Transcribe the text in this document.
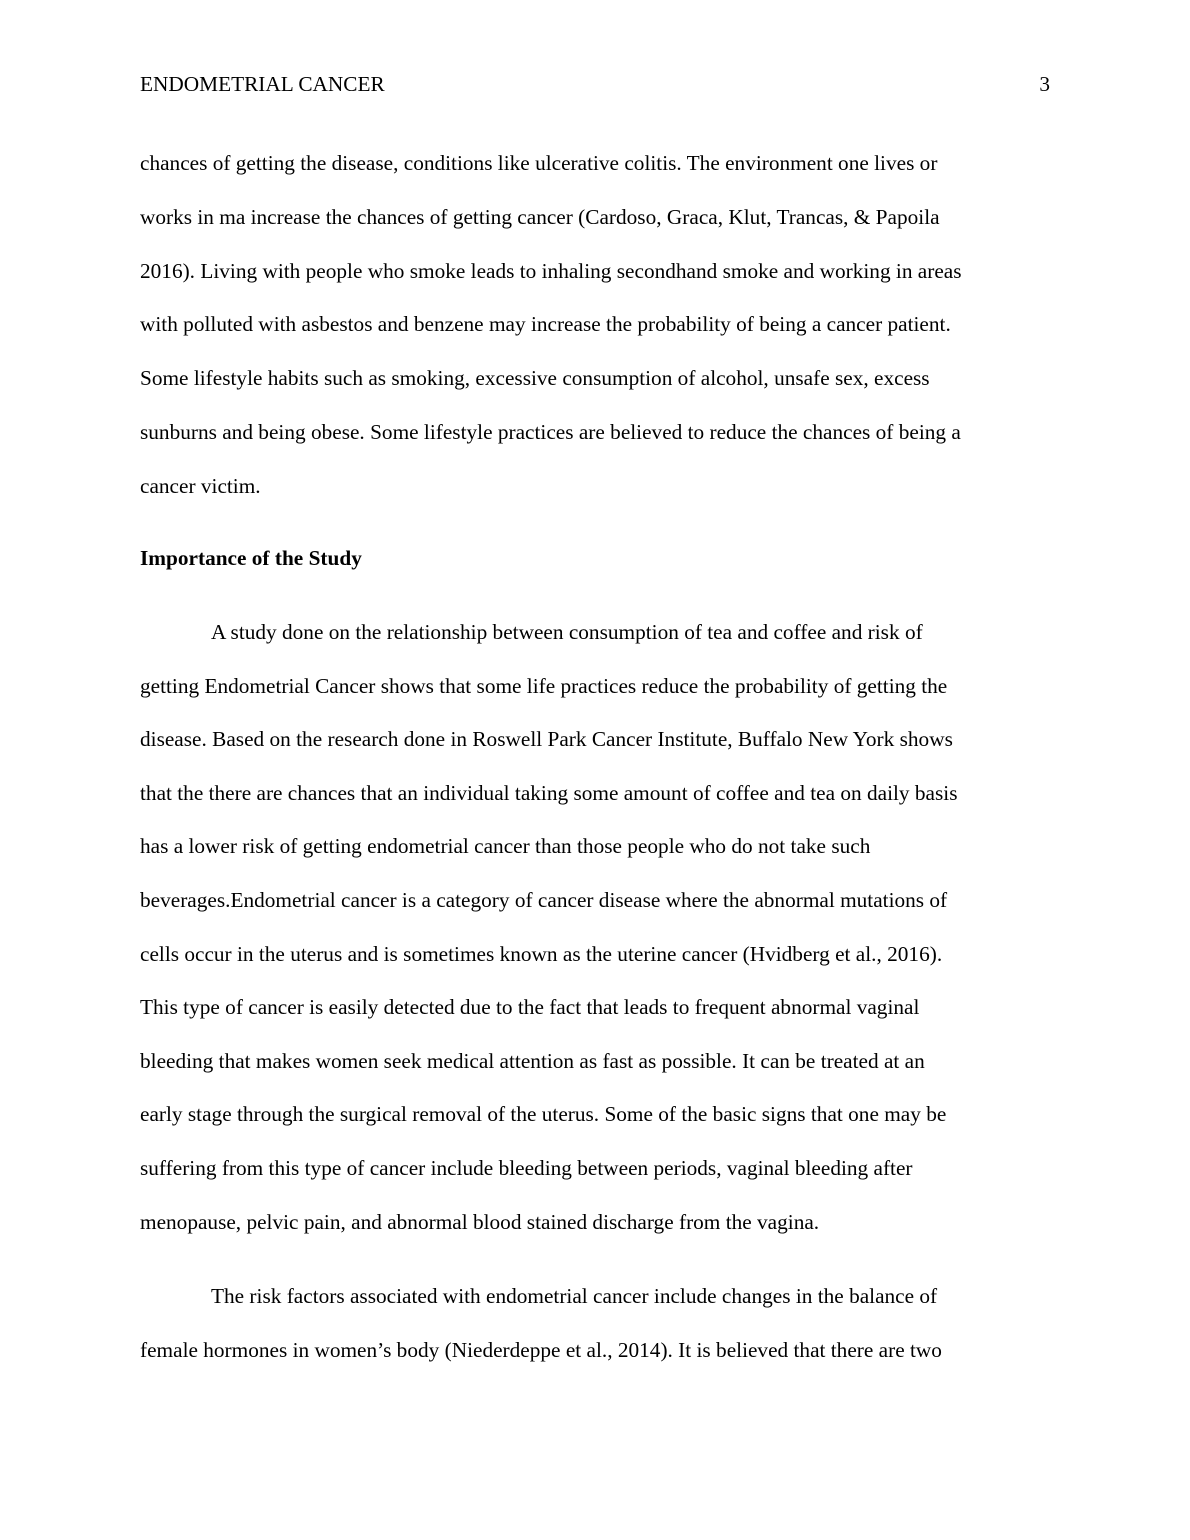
ENDOMETRIAL CANCER	3
chances of getting the disease, conditions like ulcerative colitis. The environment one lives or
works in ma increase the chances of getting cancer (Cardoso, Graca, Klut, Trancas, & Papoila
2016). Living with people who smoke leads to inhaling secondhand smoke and working in areas
with polluted with asbestos and benzene may increase the probability of being a cancer patient.
Some lifestyle habits such as smoking, excessive consumption of alcohol, unsafe sex, excess
sunburns and being obese. Some lifestyle practices are believed to reduce the chances of being a
cancer victim.
Importance of the Study
A study done on the relationship between consumption of tea and coffee and risk of
getting Endometrial Cancer shows that some life practices reduce the probability of getting the
disease. Based on the research done in Roswell Park Cancer Institute, Buffalo New York shows
that the there are chances that an individual taking some amount of coffee and tea on daily basis
has a lower risk of getting endometrial cancer than those people who do not take such
beverages.Endometrial cancer is a category of cancer disease where the abnormal mutations of
cells occur in the uterus and is sometimes known as the uterine cancer (Hvidberg et al., 2016).
This type of cancer is easily detected due to the fact that leads to frequent abnormal vaginal
bleeding that makes women seek medical attention as fast as possible. It can be treated at an
early stage through the surgical removal of the uterus. Some of the basic signs that one may be
suffering from this type of cancer include bleeding between periods, vaginal bleeding after
menopause, pelvic pain, and abnormal blood stained discharge from the vagina.
The risk factors associated with endometrial cancer include changes in the balance of
female hormones in women’s body (Niederdeppe et al., 2014). It is believed that there are two
